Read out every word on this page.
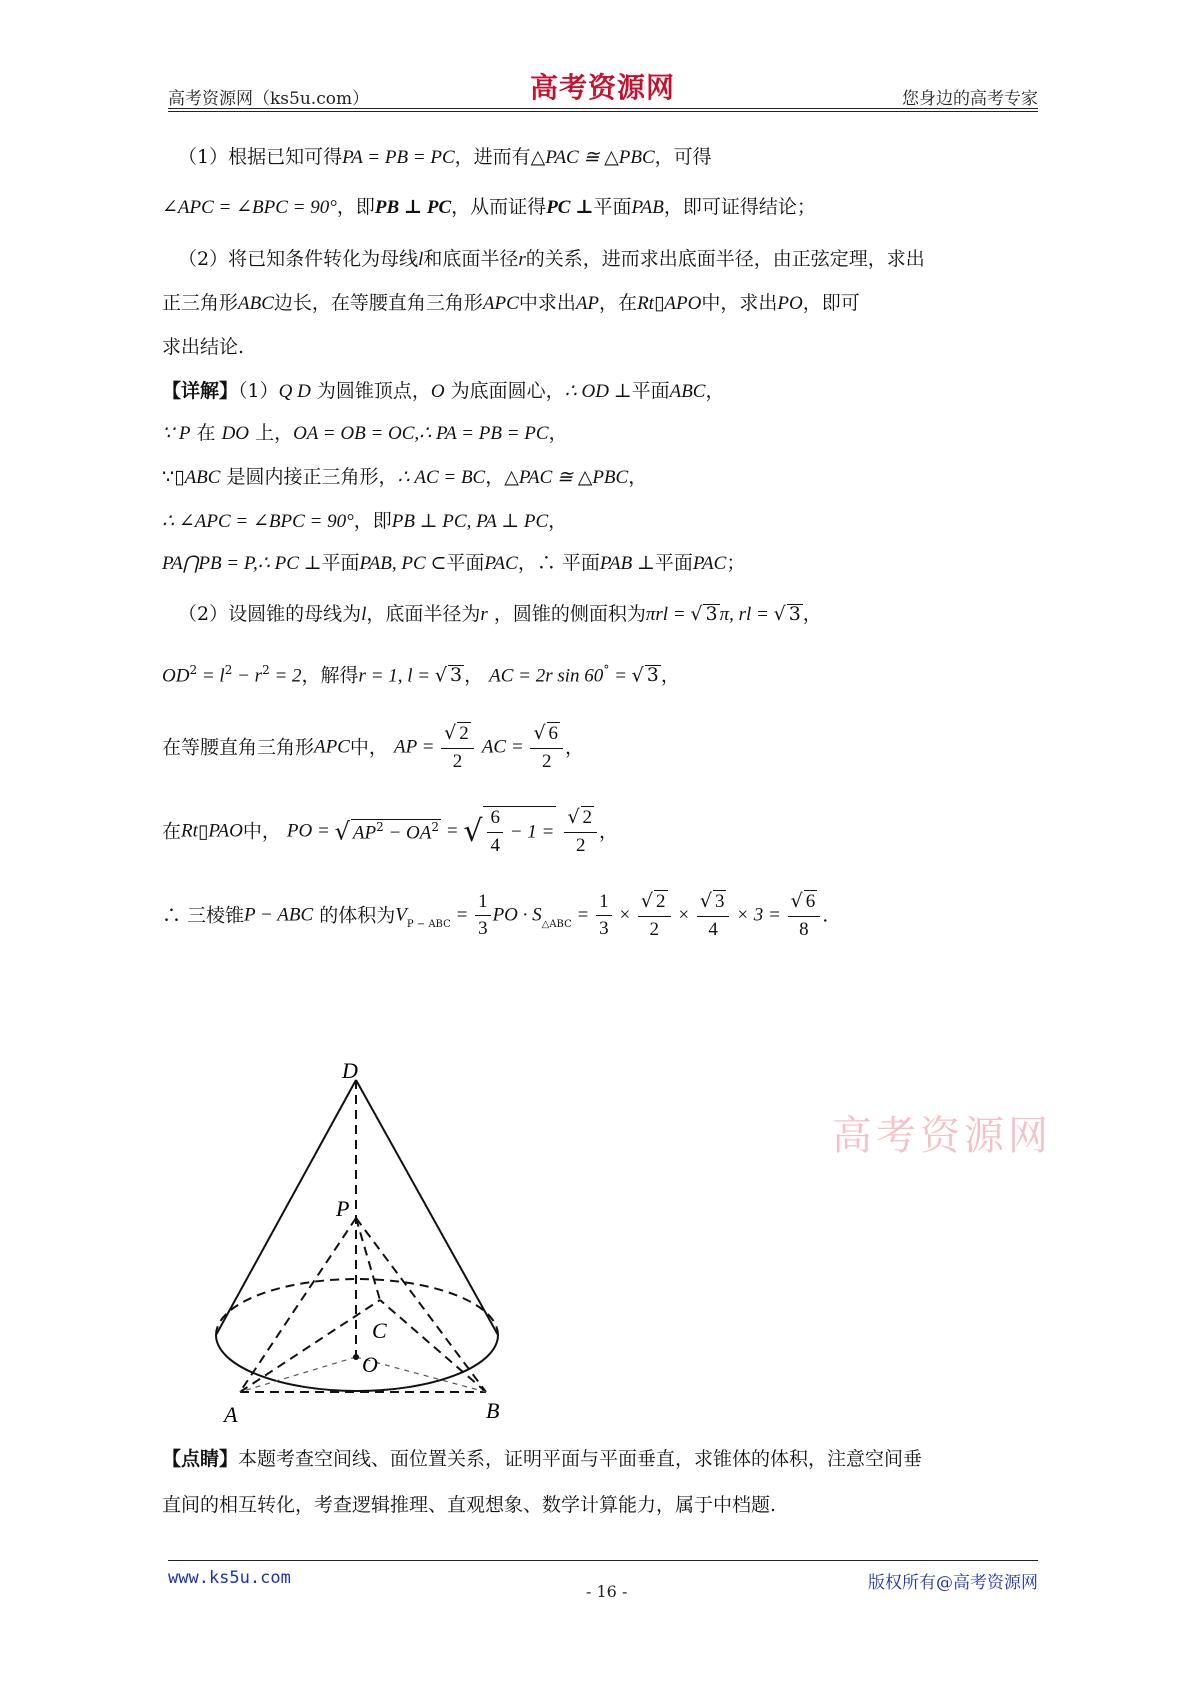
高考资源网（ks5u.com）	高考资源网	您身边的高考专家
（1）根据已知可得PA = PB = PC，进而有△PAC ≅ △PBC，可得
∠APC = ∠BPC = 90°，即PB ⊥ PC，从而证得PC ⊥平面PAB，即可证得结论；
（2）将已知条件转化为母线l和底面半径r的关系，进而求出底面半径，由正弦定理，求出
正三角形ABC边长，在等腰直角三角形APC中求出AP，在Rt▯APO中，求出PO，即可
求出结论.
【详解】（1）Q D 为圆锥顶点，O 为底面圆心，∴ OD ⊥平面ABC，
∵ P 在 DO 上，OA = OB = OC,∴ PA = PB = PC，
∵▯ABC 是圆内接正三角形，∴ AC = BC，△PAC ≅ △PBC，
∴ ∠APC = ∠BPC = 90°，即PB ⊥ PC, PA ⊥ PC，
PA⋂PB = P,∴ PC ⊥平面PAB, PC ⊂平面PAC，∴ 平面PAB ⊥平面PAC；
（2）设圆锥的母线为l，底面半径为r ，圆锥的侧面积为πrl = √ 3 π, rl = √ 3 ，
$OD^2 = l^2 - r^2 = 2$，解得r = 1, l = √ 3 ， AC = 2r sin 60° = √ 3 ，
在等腰直角三角形APC中， AP = $\frac{√ 2}{2}$ AC = $\frac{√ 6}{2}$ ，
在Rt▯PAO中， PO = √ $AP^2 - OA^2$ = √ $\frac{6}{4} - 1 = \frac{√ 2}{2}$ ，
∴ 三棱锥P − ABC 的体积为$V_{P - ABC} = \frac{1}{3}$ PO · $S_{\triangle ABC} = \frac{1}{3} \times \frac{√ 2}{2} \times \frac{√ 3}{4} \times 3 = \frac{√ 6}{8}$ .
D
P
C
O
A	B
高考资源网
【点睛】本题考查空间线、面位置关系，证明平面与平面垂直，求锥体的体积，注意空间垂
直间的相互转化，考查逻辑推理、直观想象、数学计算能力，属于中档题.
www.ks5u.com
- 16 -	版权所有@高考资源网
